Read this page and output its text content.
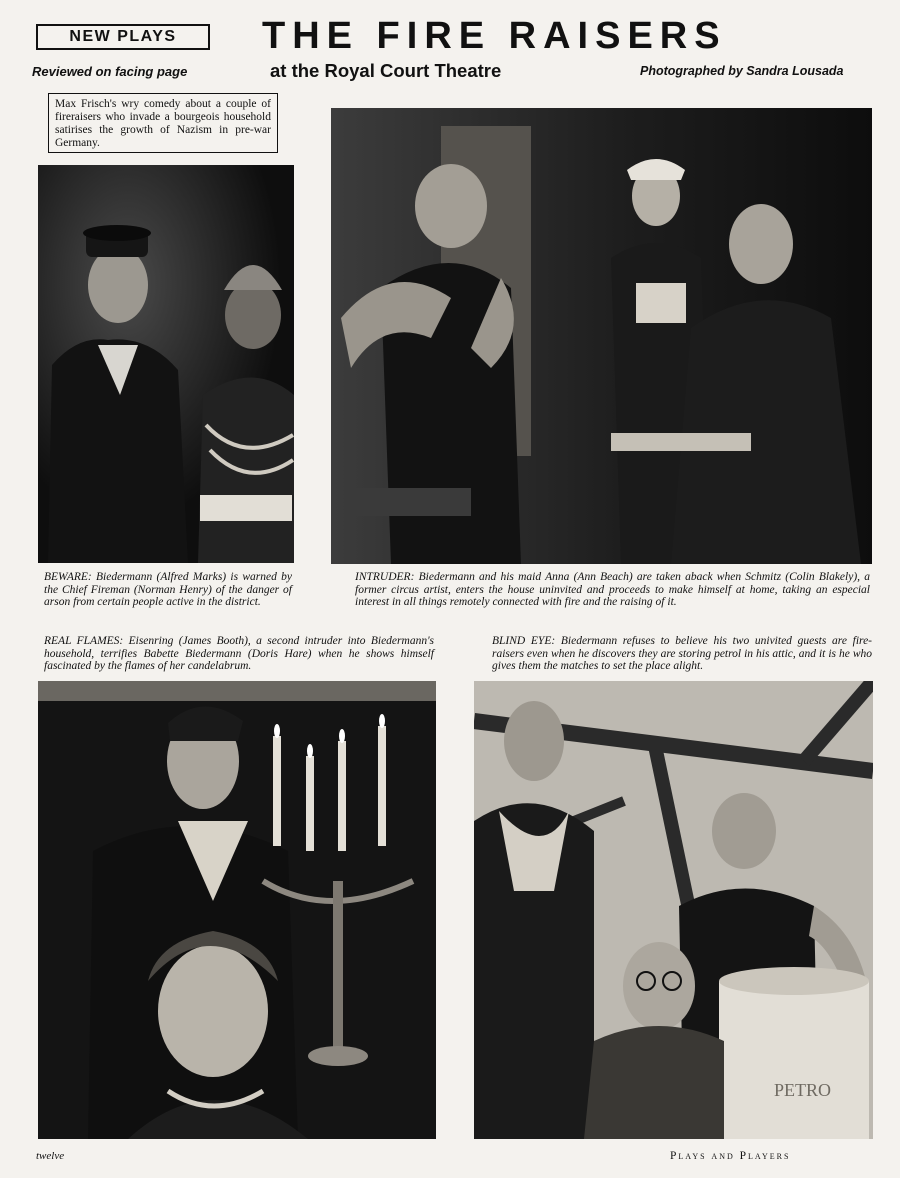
NEW PLAYS	THE FIRE RAISERS
Reviewed on facing page	at the Royal Court Theatre	Photographed by Sandra Lousada
Max Frisch's wry comedy about a couple of fireraisers who invade a bourgeois household satirises the growth of Nazism in pre-war Germany.
BEWARE: Biedermann (Alfred Marks) is warned by the Chief Fireman (Norman Henry) of the danger of arson from certain people active in the district.
INTRUDER: Biedermann and his maid Anna (Ann Beach) are taken aback when Schmitz (Colin Blakely), a former circus artist, enters the house uninvited and proceeds to make himself at home, taking an especial interest in all things remotely connected with fire and the raising of it.
REAL FLAMES: Eisenring (James Booth), a second intruder into Biedermann's household, terrifies Babette Biedermann (Doris Hare) when he shows himself fascinated by the flames of her candelabrum.
BLIND EYE: Biedermann refuses to believe his two univited guests are fire-raisers even when he discovers they are storing petrol in his attic, and it is he who gives them the matches to set the place alight.
PETRO
twelve	Plays and Players
